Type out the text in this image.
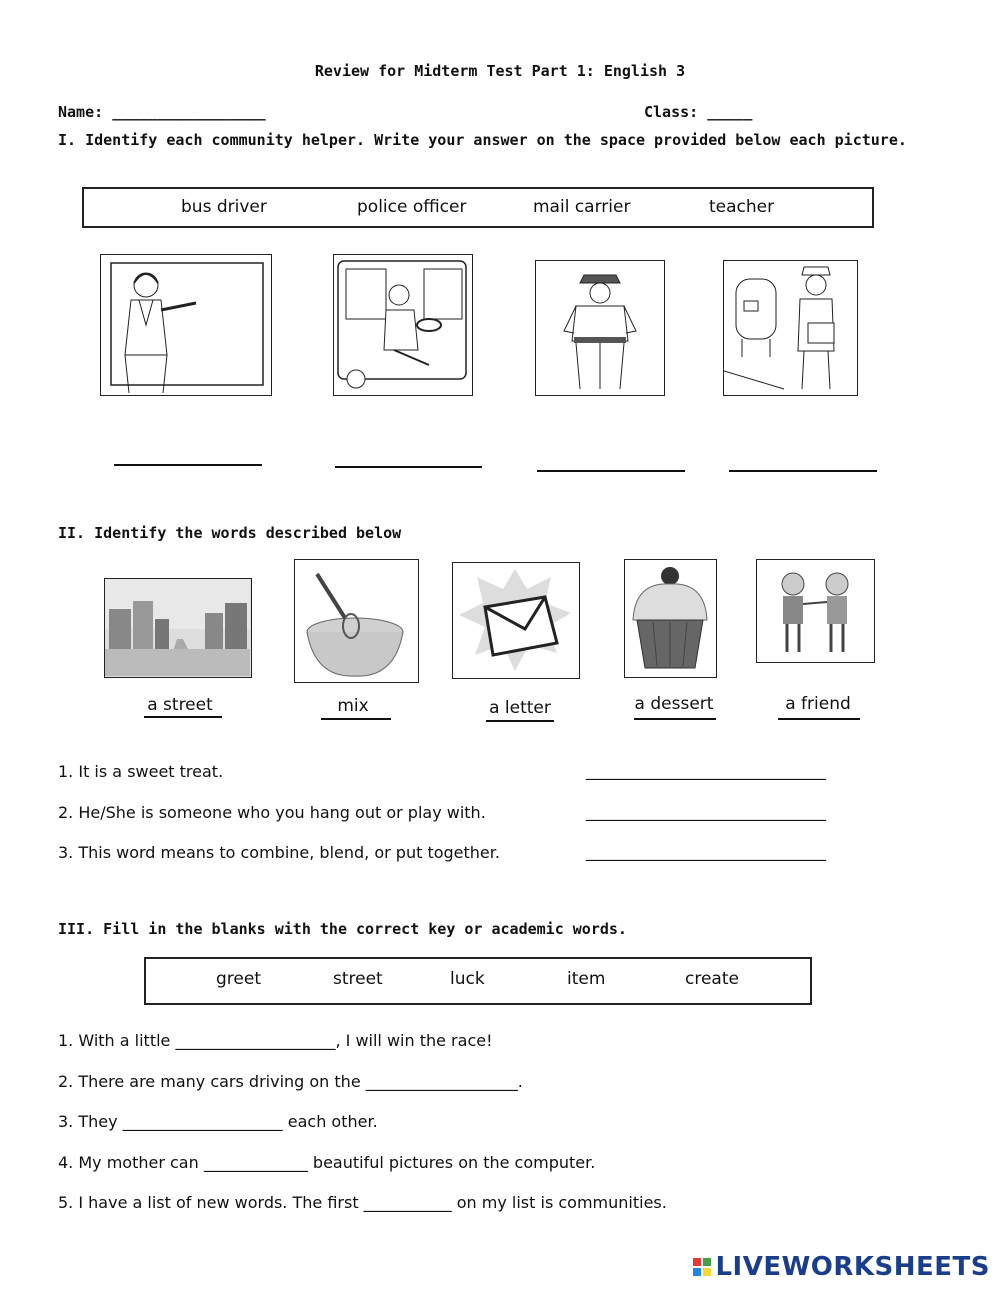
Review for Midterm Test Part 1: English 3
Name: _________________	Class: _____
I. Identify each community helper. Write your answer on the space provided below each picture.
bus driver	police officer	mail carrier	teacher
II. Identify the words described below
a street	mix	a letter	a dessert	a friend
1. It is a sweet treat.	______________________________
2. He/She is someone who you hang out or play with.	______________________________
3. This word means to combine, blend, or put together.	______________________________
III. Fill in the blanks with the correct key or academic words.
greet	street	luck	item	create
1. With a little ____________________, I will win the race!
2. There are many cars driving on the ___________________.
3. They ____________________ each other.
4. My mother can _____________ beautiful pictures on the computer.
5. I have a list of new words. The first ___________ on my list is communities.
LIVEWORKSHEETS
